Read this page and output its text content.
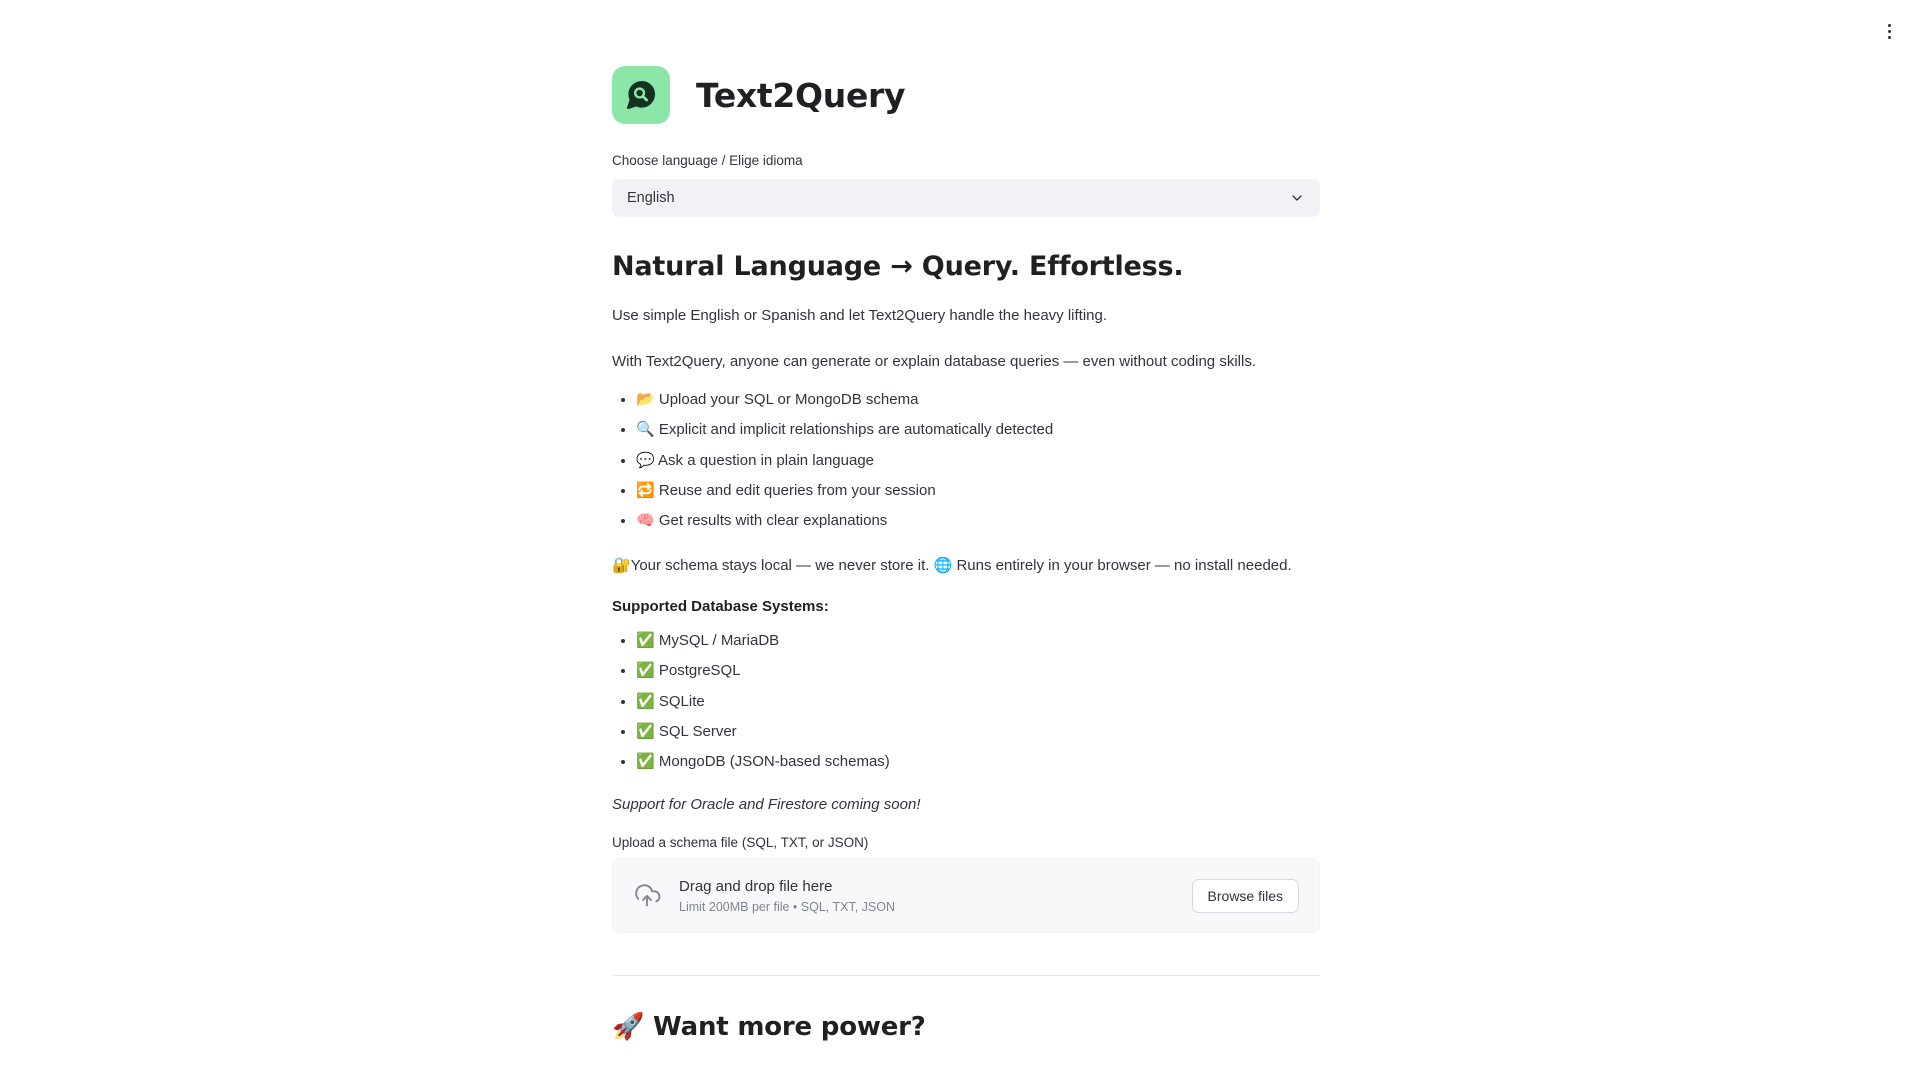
Text2Query
Choose language / Elige idioma
English
Natural Language → Query. Effortless.

Use simple English or Spanish and let Text2Query handle the heavy lifting.

With Text2Query, anyone can generate or explain database queries — even without coding skills.

• 📂 Upload your SQL or MongoDB schema
• 🔍 Explicit and implicit relationships are automatically detected
• 💬 Ask a question in plain language
• 🔁 Reuse and edit queries from your session
• 🧠 Get results with clear explanations

🔐Your schema stays local — we never store it. 🌐 Runs entirely in your browser — no install needed.

Supported Database Systems:

• ✅ MySQL / MariaDB
• ✅ PostgreSQL
• ✅ SQLite
• ✅ SQL Server
• ✅ MongoDB (JSON-based schemas)

Support for Oracle and Firestore coming soon!

Upload a schema file (SQL, TXT, or JSON)
Drag and drop file here
Limit 200MB per file • SQL, TXT, JSON
Browse files
🚀 Want more power?
